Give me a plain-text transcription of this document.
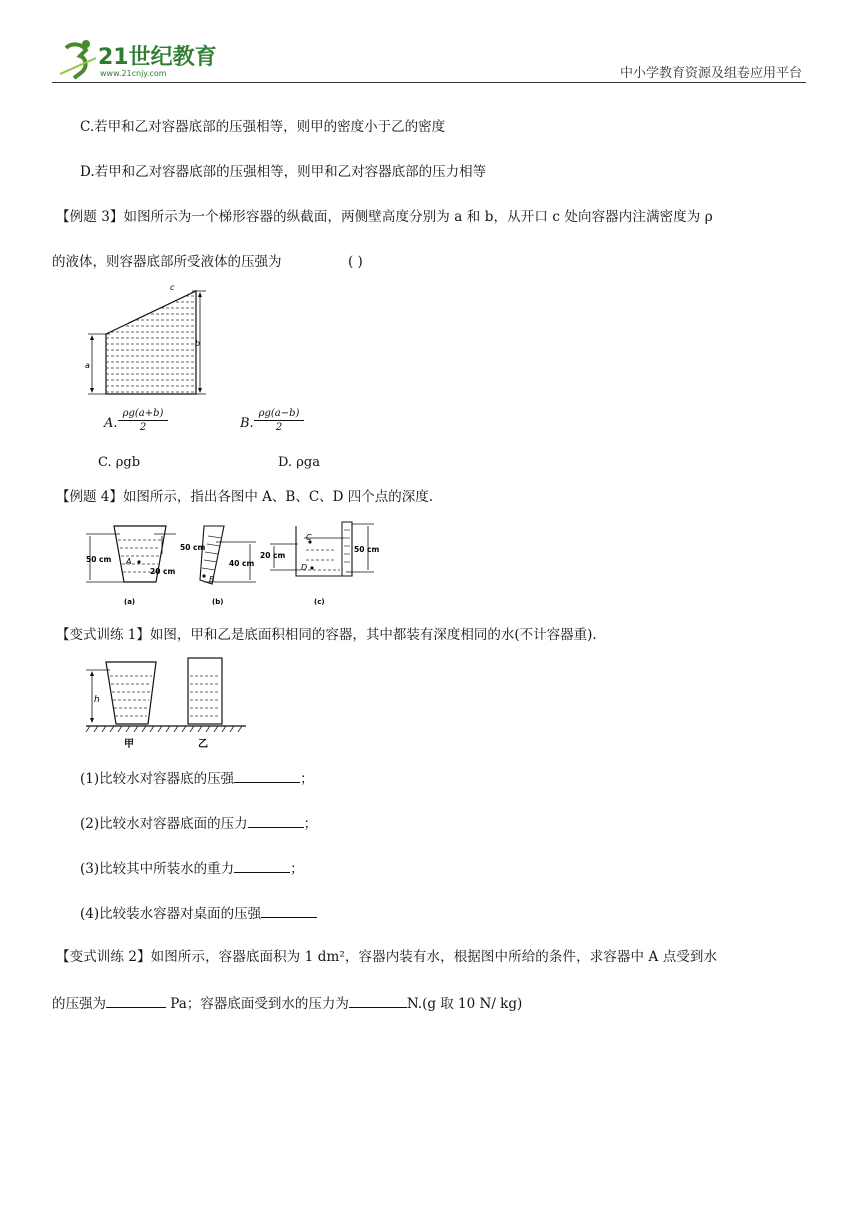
21世纪教育
www.21cnjy.com	中小学教育资源及组卷应用平台
C.若甲和乙对容器底部的压强相等，则甲的密度小于乙的密度
D.若甲和乙对容器底部的压强相等，则甲和乙对容器底部的压力相等
【例题 3】如图所示为一个梯形容器的纵截面，两侧壁高度分别为 a 和 b，从开口 c 处向容器内注满密度为 ρ
的液体，则容器底部所受液体的压强为	( )
c
a
b
A.
ρg(a+b)
2	B.
ρg(a−b)
2
C. ρgb	D. ρga
【例题 4】如图所示，指出各图中 A、B、C、D 四个点的深度.
A
50 cm
20 cm
(a)
B
50 cm
40 cm
(b)
C
D
20 cm
50 cm
(c)
【变式训练 1】如图，甲和乙是底面积相同的容器，其中都装有深度相同的水(不计容器重).
h
甲	乙
(1)比较水对容器底的压强	；
(2)比较水对容器底面的压力	；
(3)比较其中所装水的重力	；
(4)比较装水容器对桌面的压强
【变式训练 2】如图所示，容器底面积为 1 dm²，容器内装有水，根据图中所给的条件，求容器中 A 点受到水
的压强为	Pa；容器底面受到水的压力为	N.(g 取 10 N/ kg)
